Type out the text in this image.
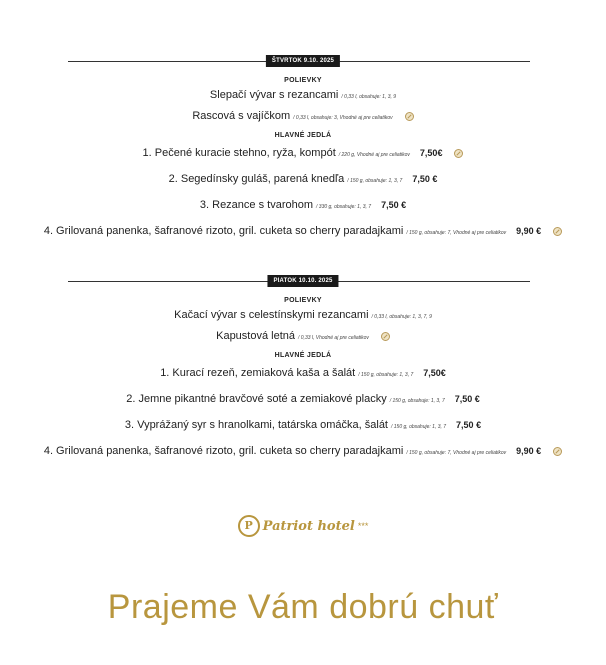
ŠTVRTOK 9.10. 2025
POLIEVKY
Slepačí vývar s rezancami / 0,33 l, obsahuje: 1, 3, 9
Rascová s vajíčkom / 0,33 l, obsahuje: 3, Vhodné aj pre celiatikov
HLAVNÉ JEDLÁ
1. Pečené kuracie stehno, ryža, kompót / 220 g, Vhodné aj pre celiatikov 7,50€
2. Segedínsky guláš, parená knedľa / 150 g, obsahuje: 1, 3, 7 7,50 €
3. Rezance s tvarohom / 330 g, obsahuje: 1, 3, 7 7,50 €
4. Grilovaná panenka, šafranové rizoto, gril. cuketa so cherry paradajkami / 150 g, obsahuje: 7, Vhodné aj pre celiatikov 9,90 €
PIATOK 10.10. 2025
POLIEVKY
Kačací vývar s celestínskymi rezancami / 0,33 l, obsahuje: 1, 3, 7, 9
Kapustová letná / 0,33 l, Vhodné aj pre celiatikov
HLAVNÉ JEDLÁ
1. Kurací rezeň, zemiaková kaša a šalát / 150 g, obsahuje: 1, 3, 7 7,50€
2. Jemne pikantné bravčové soté a zemiakové placky / 150 g, obsahuje: 1, 3, 7 7,50 €
3. Vyprážaný syr s hranolkami, tatárska omáčka, šalát / 150 g, obsahuje: 1, 3, 7 7,50 €
4. Grilovaná panenka, šafranové rizoto, gril. cuketa so cherry paradajkami / 150 g, obsahuje: 7, Vhodné aj pre celiatikov 9,90 €
P Patriot hotel ***
Prajeme Vám dobrú chuť
